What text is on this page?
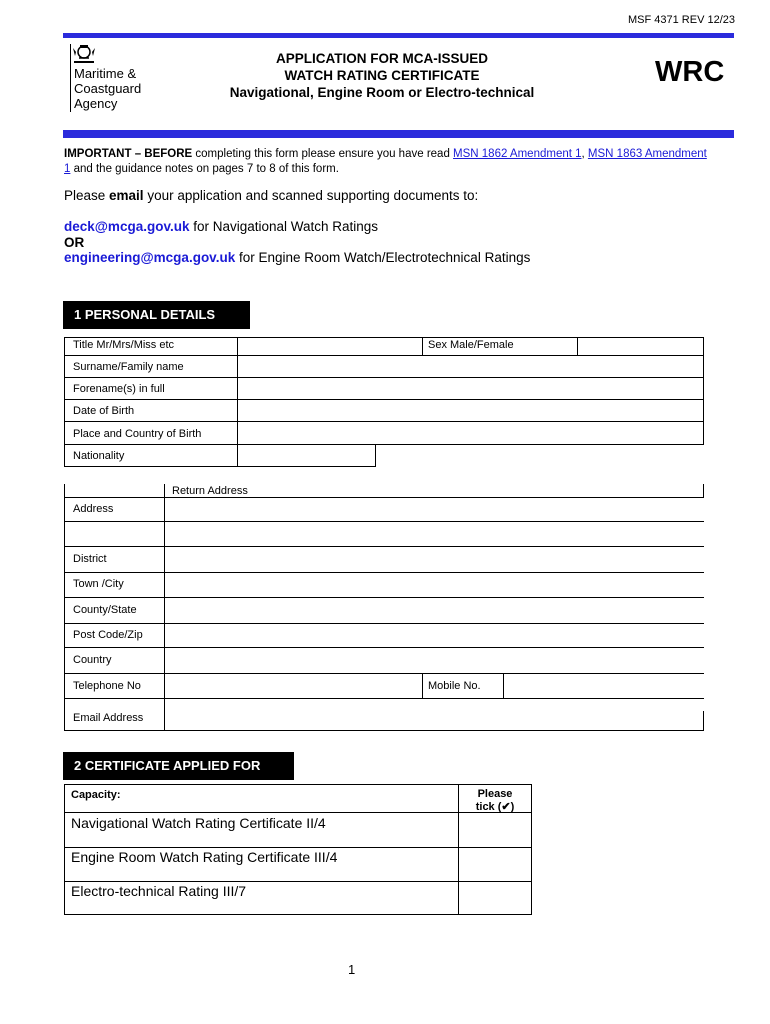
MSF 4371 REV 12/23
Maritime &
Coastguard
Agency
APPLICATION FOR MCA-ISSUED
WATCH RATING CERTIFICATE
Navigational, Engine Room or Electro-technical
WRC
IMPORTANT – BEFORE completing this form please ensure you have read MSN 1862 Amendment 1, MSN 1863 Amendment 1 and the guidance notes on pages 7 to 8 of this form.
Please email your application and scanned supporting documents to:
deck@mcga.gov.uk for Navigational Watch Ratings
OR
engineering@mcga.gov.uk for Engine Room Watch/Electrotechnical Ratings
1 PERSONAL DETAILS
Title Mr/Mrs/Miss etc	Sex Male/Female
Surname/Family name
Forename(s) in full
Date of Birth
Place and Country of Birth
Nationality
Return Address
Address
District
Town /City
County/State
Post Code/Zip
Country
Telephone No	Mobile No.
Email Address
2 CERTIFICATE APPLIED FOR
Capacity:	Please
tick (✔)
Navigational Watch Rating Certificate II/4
Engine Room Watch Rating Certificate III/4
Electro-technical Rating III/7
1
